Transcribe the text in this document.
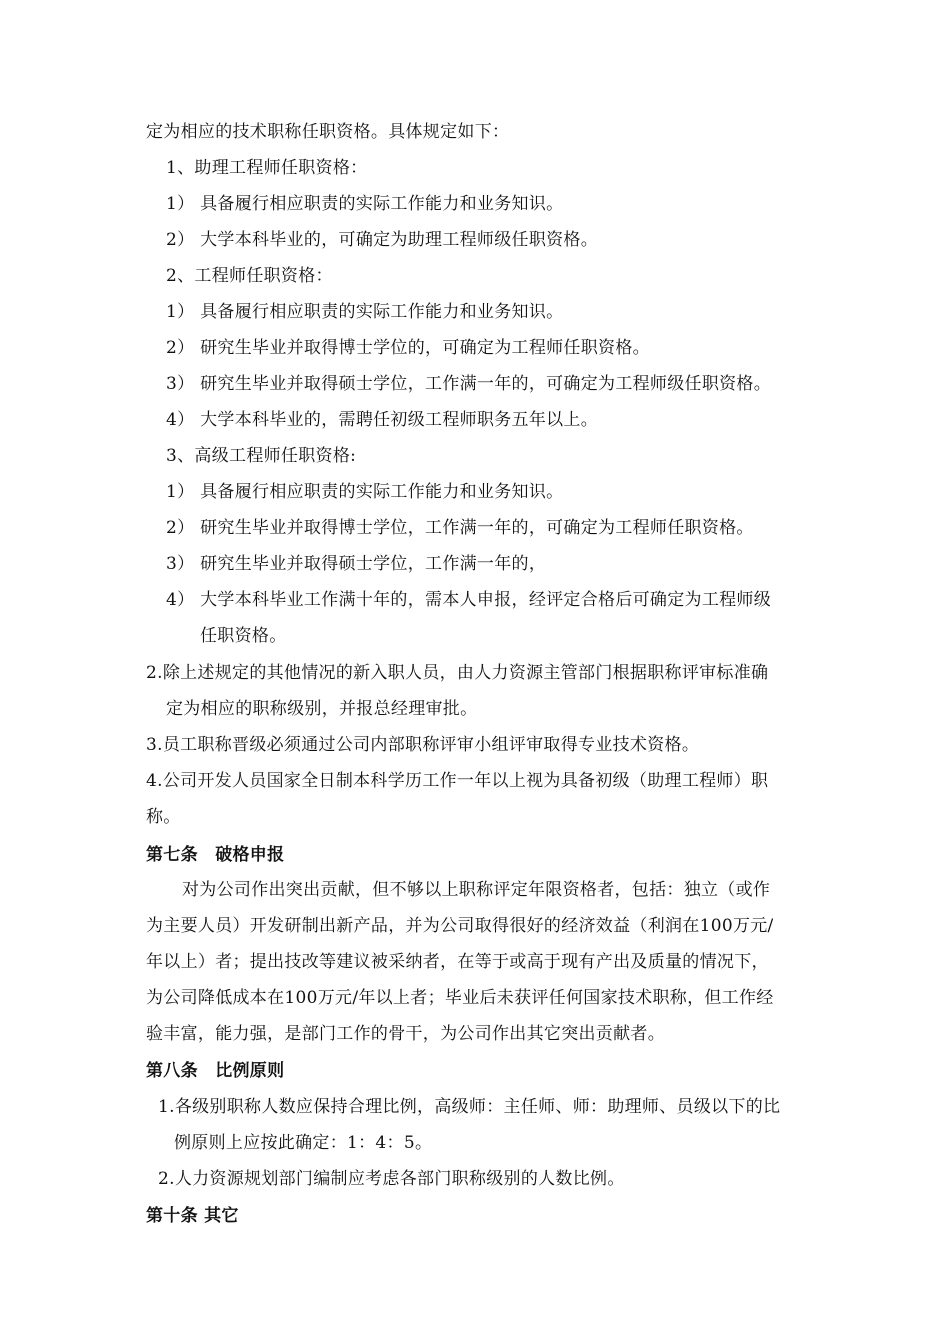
定为相应的技术职称任职资格。具体规定如下：
1、助理工程师任职资格：
1） 具备履行相应职责的实际工作能力和业务知识。
2） 大学本科毕业的，可确定为助理工程师级任职资格。
2、工程师任职资格：
1） 具备履行相应职责的实际工作能力和业务知识。
2） 研究生毕业并取得博士学位的，可确定为工程师任职资格。
3） 研究生毕业并取得硕士学位，工作满一年的，可确定为工程师级任职资格。
4） 大学本科毕业的，需聘任初级工程师职务五年以上。
3、高级工程师任职资格:
1） 具备履行相应职责的实际工作能力和业务知识。
2） 研究生毕业并取得博士学位，工作满一年的，可确定为工程师任职资格。
3） 研究生毕业并取得硕士学位，工作满一年的，
4） 大学本科毕业工作满十年的，需本人申报，经评定合格后可确定为工程师级
任职资格。
2.除上述规定的其他情况的新入职人员，由人力资源主管部门根据职称评审标准确
定为相应的职称级别，并报总经理审批。
3.员工职称晋级必须通过公司内部职称评审小组评审取得专业技术资格。
4.公司开发人员国家全日制本科学历工作一年以上视为具备初级（助理工程师）职
称。
第七条　破格申报
对为公司作出突出贡献，但不够以上职称评定年限资格者，包括：独立（或作
为主要人员）开发研制出新产品，并为公司取得很好的经济效益（利润在100万元/
年以上）者；提出技改等建议被采纳者，在等于或高于现有产出及质量的情况下，
为公司降低成本在100万元/年以上者；毕业后未获评任何国家技术职称，但工作经
验丰富，能力强，是部门工作的骨干，为公司作出其它突出贡献者。
第八条　比例原则
1.各级别职称人数应保持合理比例，高级师：主任师、师：助理师、员级以下的比
例原则上应按此确定：1：4：5。
2.人力资源规划部门编制应考虑各部门职称级别的人数比例。
第十条 其它
